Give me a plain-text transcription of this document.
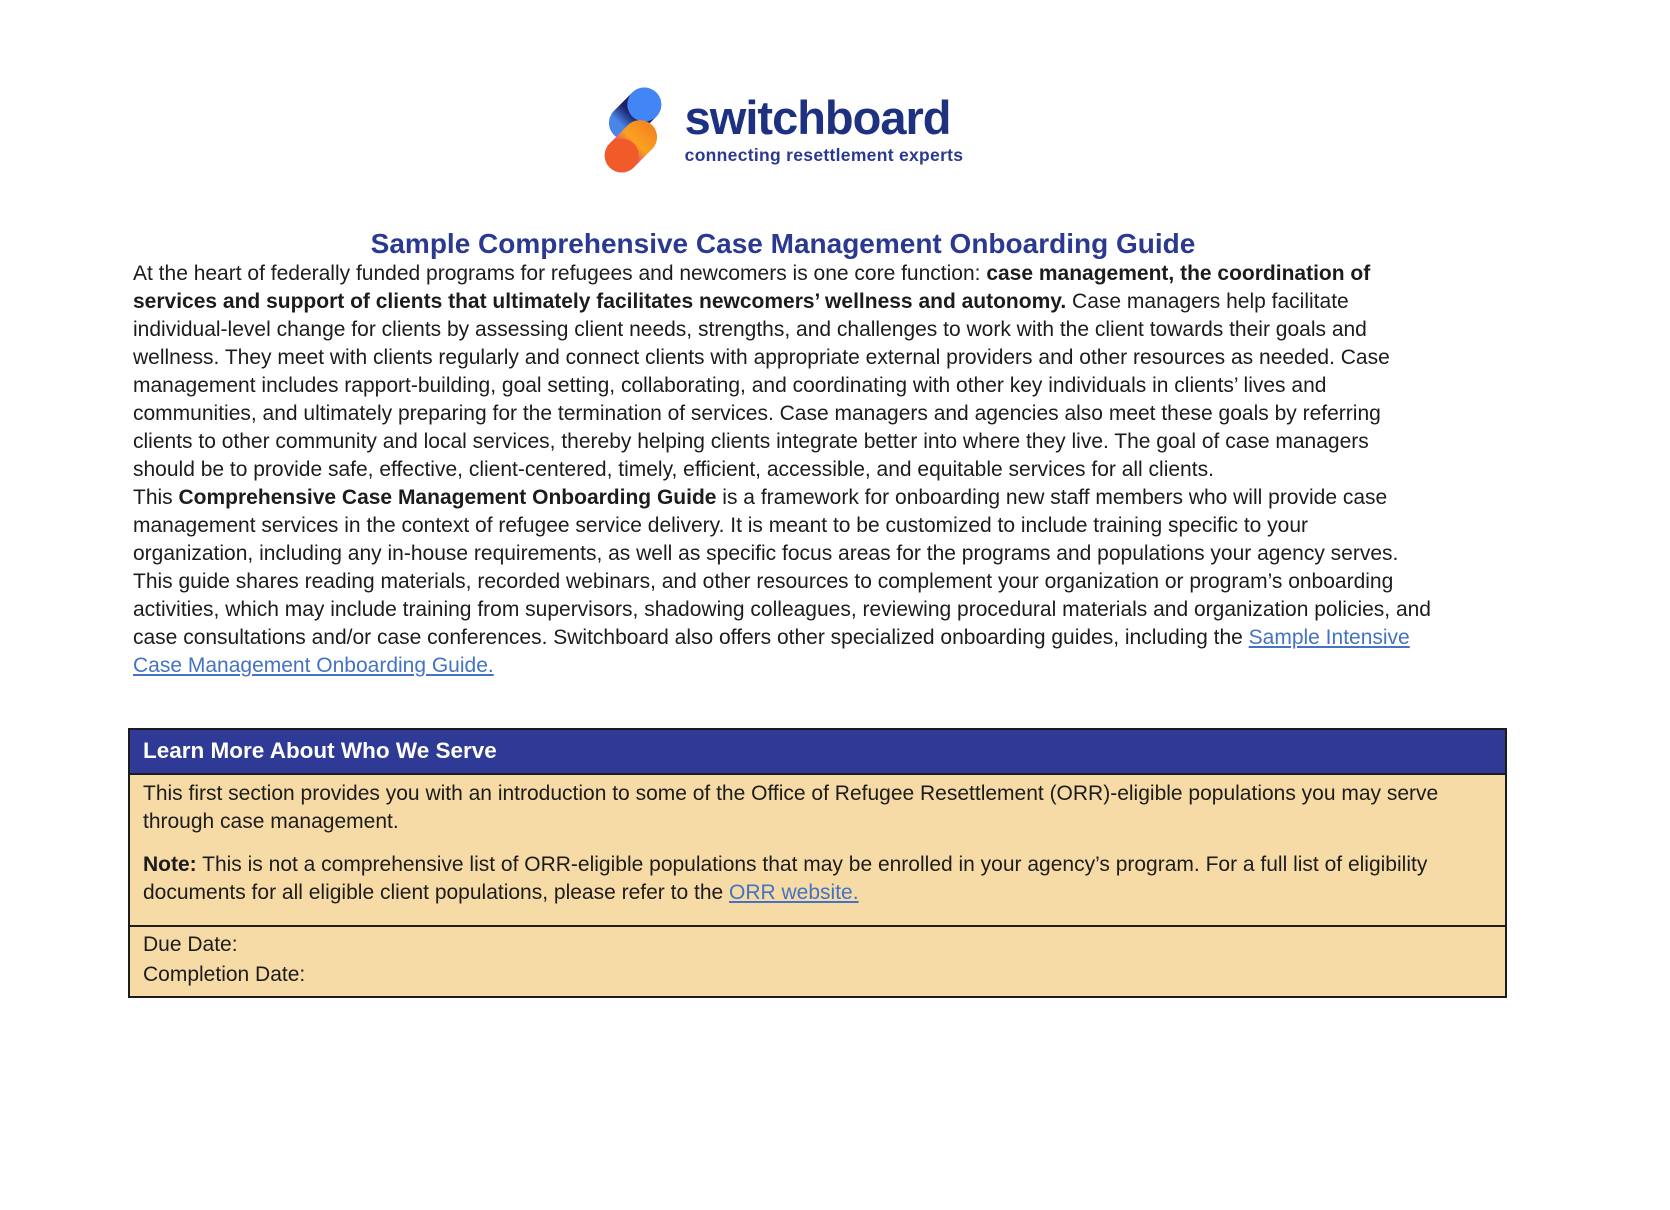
switchboard
connecting resettlement experts
Sample Comprehensive Case Management Onboarding Guide

At the heart of federally funded programs for refugees and newcomers is one core function: case management, the coordination of services and support of clients that ultimately facilitates newcomers’ wellness and autonomy. Case managers help facilitate individual-level change for clients by assessing client needs, strengths, and challenges to work with the client towards their goals and wellness. They meet with clients regularly and connect clients with appropriate external providers and other resources as needed. Case management includes rapport-building, goal setting, collaborating, and coordinating with other key individuals in clients’ lives and communities, and ultimately preparing for the termination of services. Case managers and agencies also meet these goals by referring clients to other community and local services, thereby helping clients integrate better into where they live. The goal of case managers should be to provide safe, effective, client-centered, timely, efficient, accessible, and equitable services for all clients.

This Comprehensive Case Management Onboarding Guide is a framework for onboarding new staff members who will provide case management services in the context of refugee service delivery. It is meant to be customized to include training specific to your organization, including any in-house requirements, as well as specific focus areas for the programs and populations your agency serves. This guide shares reading materials, recorded webinars, and other resources to complement your organization or program’s onboarding activities, which may include training from supervisors, shadowing colleagues, reviewing procedural materials and organization policies, and case consultations and/or case conferences. Switchboard also offers other specialized onboarding guides, including the Sample Intensive Case Management Onboarding Guide.

Learn More About Who We Serve

This first section provides you with an introduction to some of the Office of Refugee Resettlement (ORR)-eligible populations you may serve through case management.

Note: This is not a comprehensive list of ORR-eligible populations that may be enrolled in your agency’s program. For a full list of eligibility documents for all eligible client populations, please refer to the ORR website.

Due Date:
Completion Date:
